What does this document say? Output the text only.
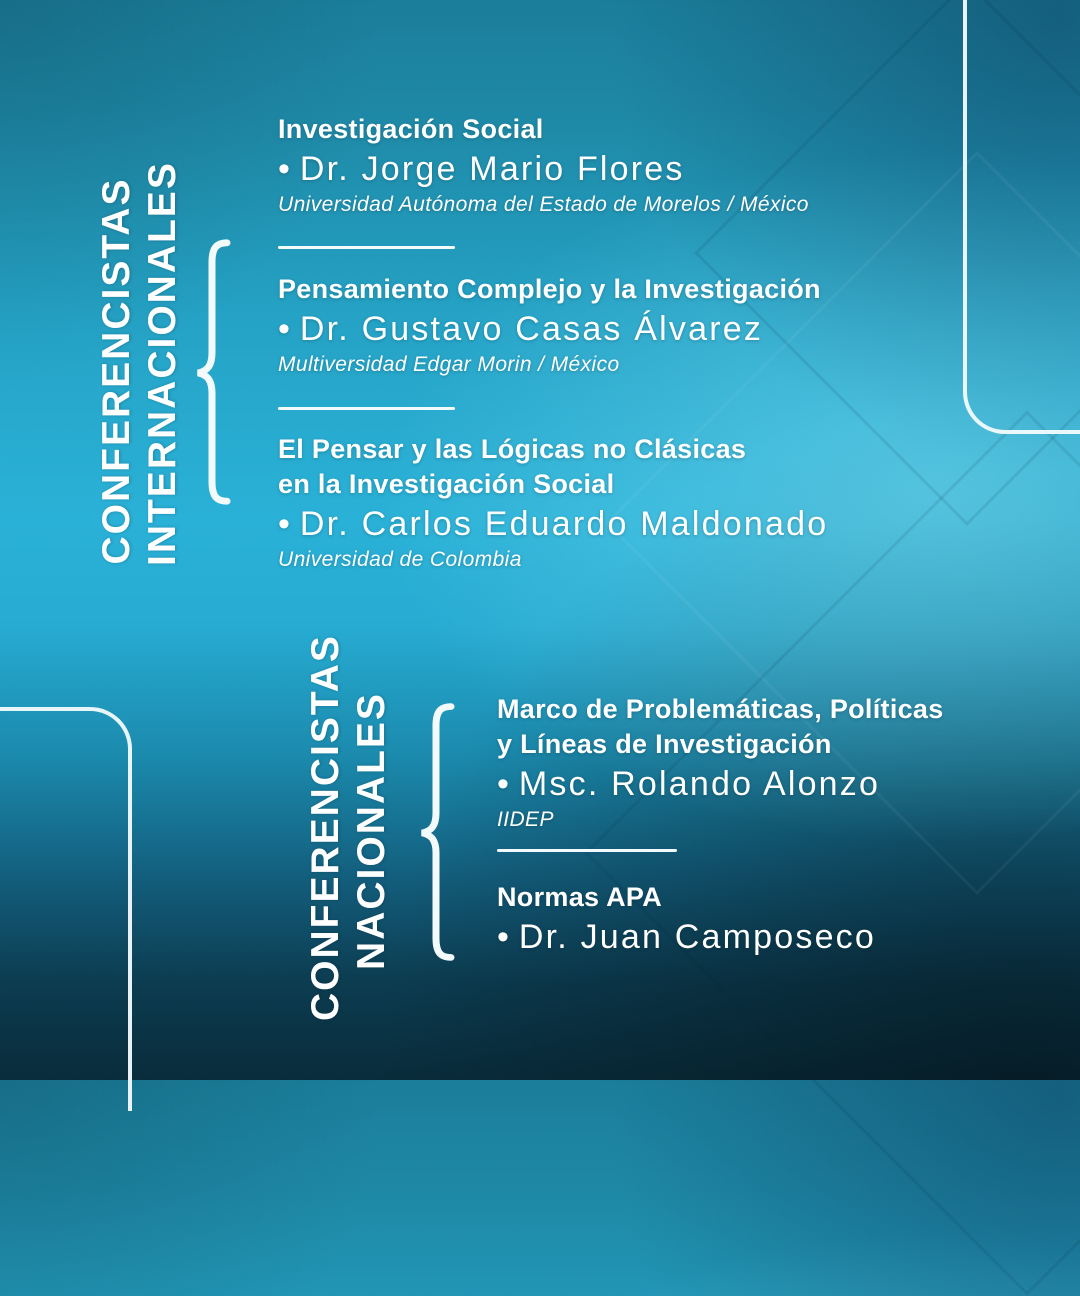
CONFERENCISTAS INTERNACIONALES
Investigación Social
• Dr. Jorge Mario Flores
Universidad Autónoma del Estado de Morelos / México
Pensamiento Complejo y la Investigación
• Dr. Gustavo Casas Álvarez
Multiversidad Edgar Morin / México
El Pensar y las Lógicas no Clásicas
en la Investigación Social
• Dr. Carlos Eduardo Maldonado
Universidad de Colombia
CONFERENCISTAS NACIONALES	Marco de Problemáticas, Políticas
y Líneas de Investigación
• Msc. Rolando Alonzo
IIDEP
Normas APA
• Dr. Juan Camposeco
